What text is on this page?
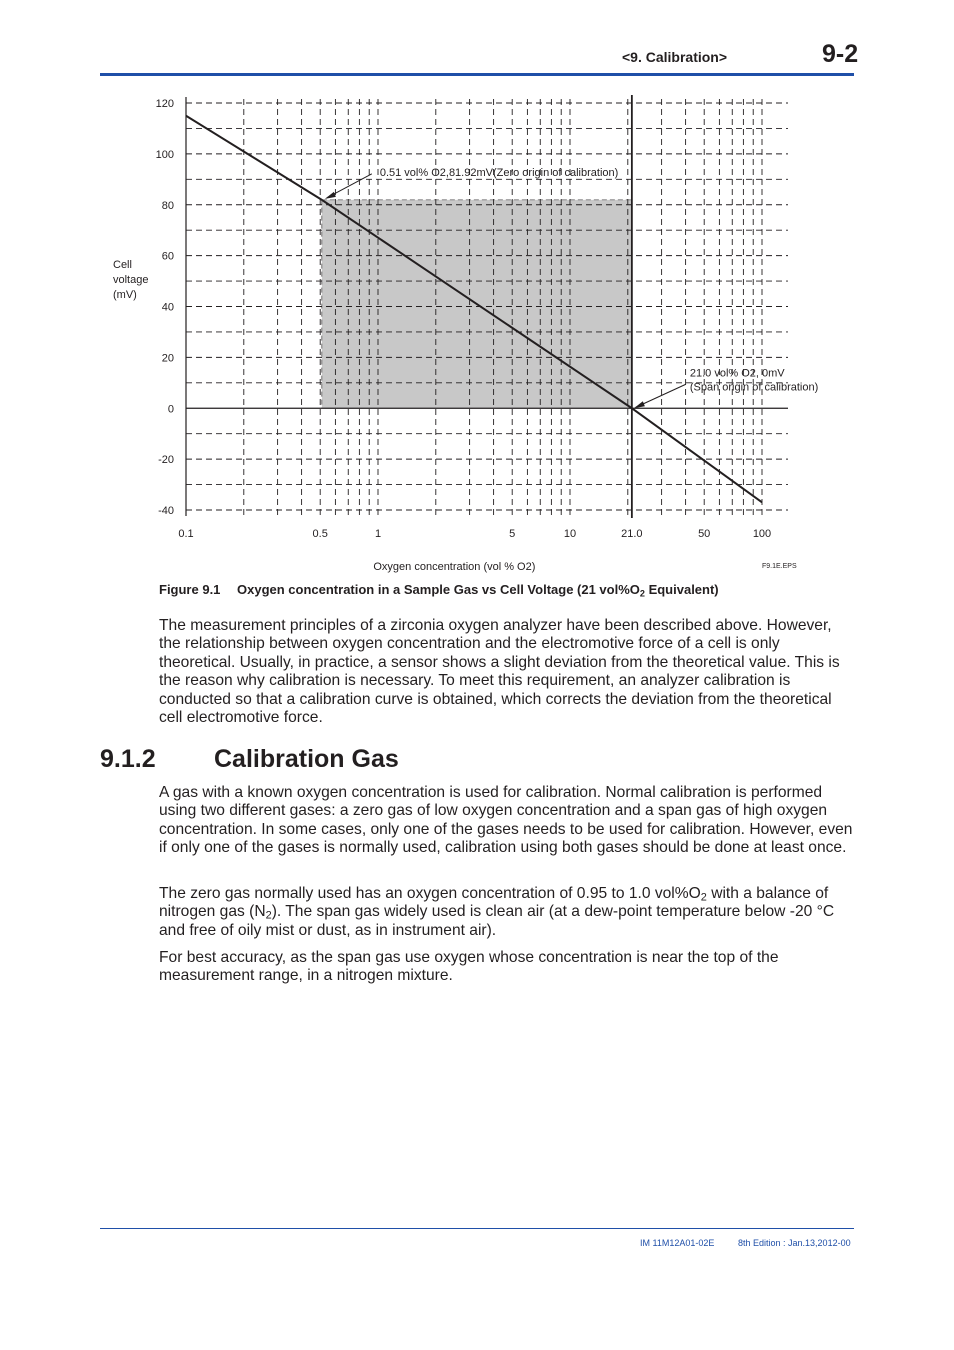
<9. Calibration>	9-2
120
100
80
60
40
20
0
-20
-40
0.1	0.5	1	5	10	21.0	50	100
0.51 vol% O2,81.92mV(Zero origin of calibration)
21.0 vol% O2, 0mV
(Span origin of calibration)
Cell
voltage
(mV)
Oxygen concentration (vol % O2)	F9.1E.EPS
Figure 9.1 Oxygen concentration in a Sample Gas vs Cell Voltage (21 $vol\%O_2$ Equivalent)

The measurement principles of a zirconia oxygen analyzer have been described above. However, the relationship between oxygen concentration and the electromotive force of a cell is only theoretical. Usually, in practice, a sensor shows a slight deviation from the theoretical value. This is the reason why calibration is necessary. To meet this requirement, an analyzer calibration is conducted so that a calibration curve is obtained, which corrects the deviation from the theoretical cell electromotive force.

9.1.2 Calibration Gas

A gas with a known oxygen concentration is used for calibration. Normal calibration is performed using two different gases: a zero gas of low oxygen concentration and a span gas of high oxygen concentration. In some cases, only one of the gases needs to be used for calibration. However, even if only one of the gases is normally used, calibration using both gases should be done at least once.

The zero gas normally used has an oxygen concentration of 0.95 to 1.0 $vol\%O_2$ with a balance of nitrogen gas $(N_2)$. The span gas widely used is clean air (at a dew-point temperature below -20 °C and free of oily mist or dust, as in instrument air).

For best accuracy, as the span gas use oxygen whose concentration is near the top of the measurement range, in a nitrogen mixture.

IM 11M12A01-02E	8th Edition : Jan.13,2012-00
